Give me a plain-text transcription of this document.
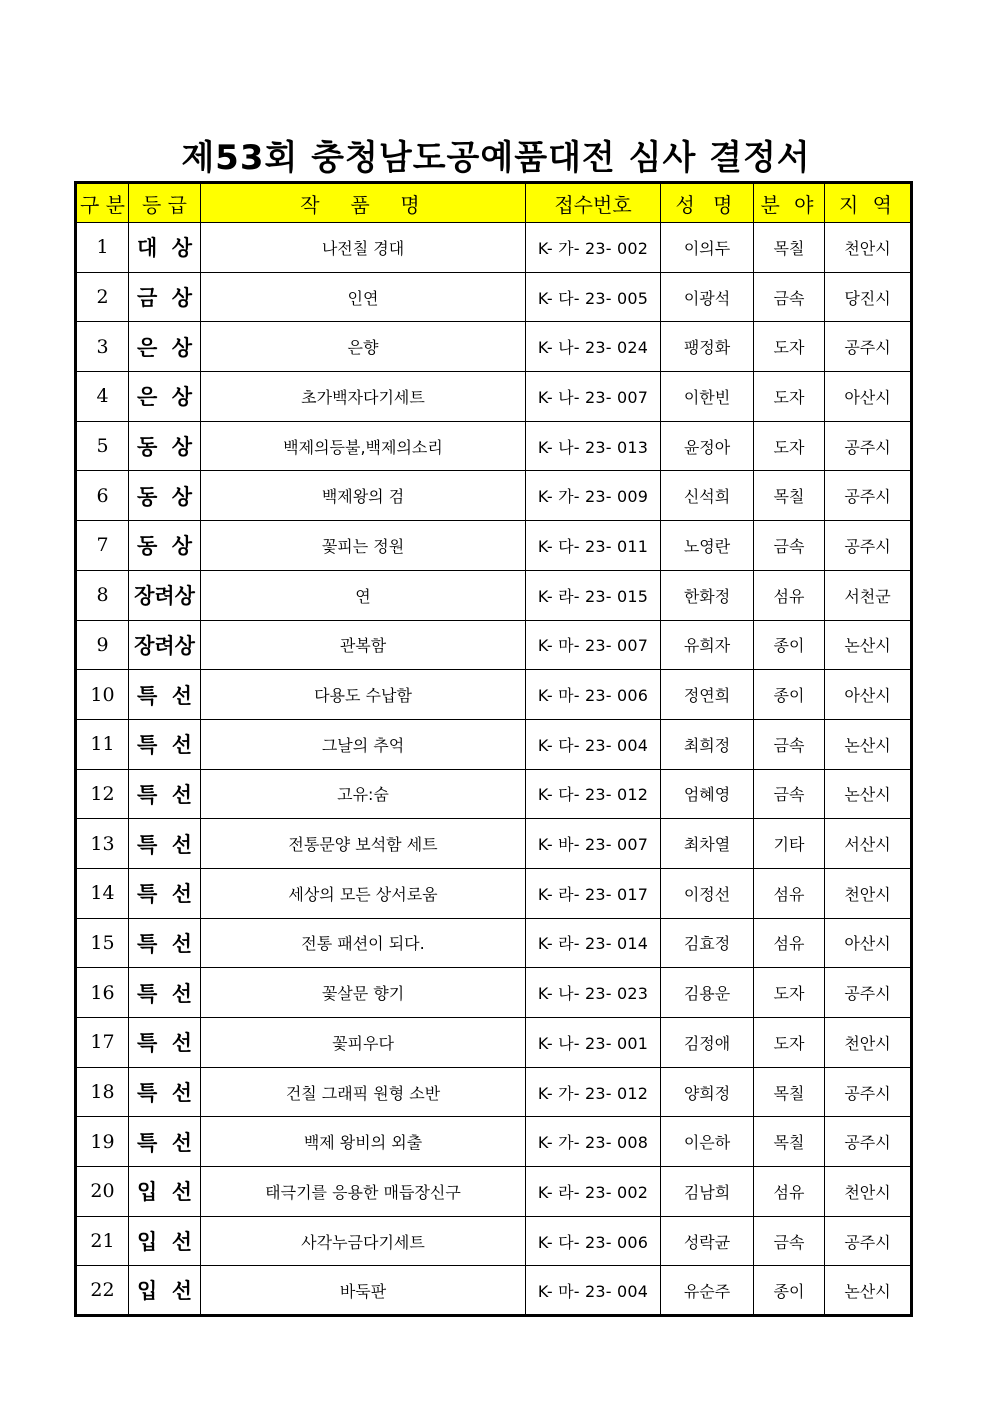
제53회 충청남도공예품대전 심사 결정서
구 분	등 급	작  품  명	접수번호	성 명	분 야	지 역

1	대 상	나전칠 경대	K- 가- 23- 002	이의두	목칠	천안시
2	금 상	인연	K- 다- 23- 005	이광석	금속	당진시
3	은 상	은향	K- 나- 23- 024	팽정화	도자	공주시
4	은 상	초가백자다기세트	K- 나- 23- 007	이한빈	도자	아산시
5	동 상	백제의등불,백제의소리	K- 나- 23- 013	윤정아	도자	공주시
6	동 상	백제왕의 검	K- 가- 23- 009	신석희	목칠	공주시
7	동 상	꽃피는 정원	K- 다- 23- 011	노영란	금속	공주시
8	장려상	연	K- 라- 23- 015	한화정	섬유	서천군
9	장려상	관복함	K- 마- 23- 007	유희자	종이	논산시
10	특 선	다용도 수납함	K- 마- 23- 006	정연희	종이	아산시
11	특 선	그날의 추억	K- 다- 23- 004	최희정	금속	논산시
12	특 선	고유:숨	K- 다- 23- 012	엄혜영	금속	논산시
13	특 선	전통문양 보석함 세트	K- 바- 23- 007	최차열	기타	서산시
14	특 선	세상의 모든 상서로움	K- 라- 23- 017	이정선	섬유	천안시
15	특 선	전통 패션이 되다.	K- 라- 23- 014	김효정	섬유	아산시
16	특 선	꽃살문 향기	K- 나- 23- 023	김용운	도자	공주시
17	특 선	꽃피우다	K- 나- 23- 001	김정애	도자	천안시
18	특 선	건칠 그래픽 원형 소반	K- 가- 23- 012	양희정	목칠	공주시
19	특 선	백제 왕비의 외출	K- 가- 23- 008	이은하	목칠	공주시
20	입 선	태극기를 응용한 매듭장신구	K- 라- 23- 002	김남희	섬유	천안시
21	입 선	사각누금다기세트	K- 다- 23- 006	성락균	금속	공주시
22	입 선	바둑판	K- 마- 23- 004	유순주	종이	논산시
